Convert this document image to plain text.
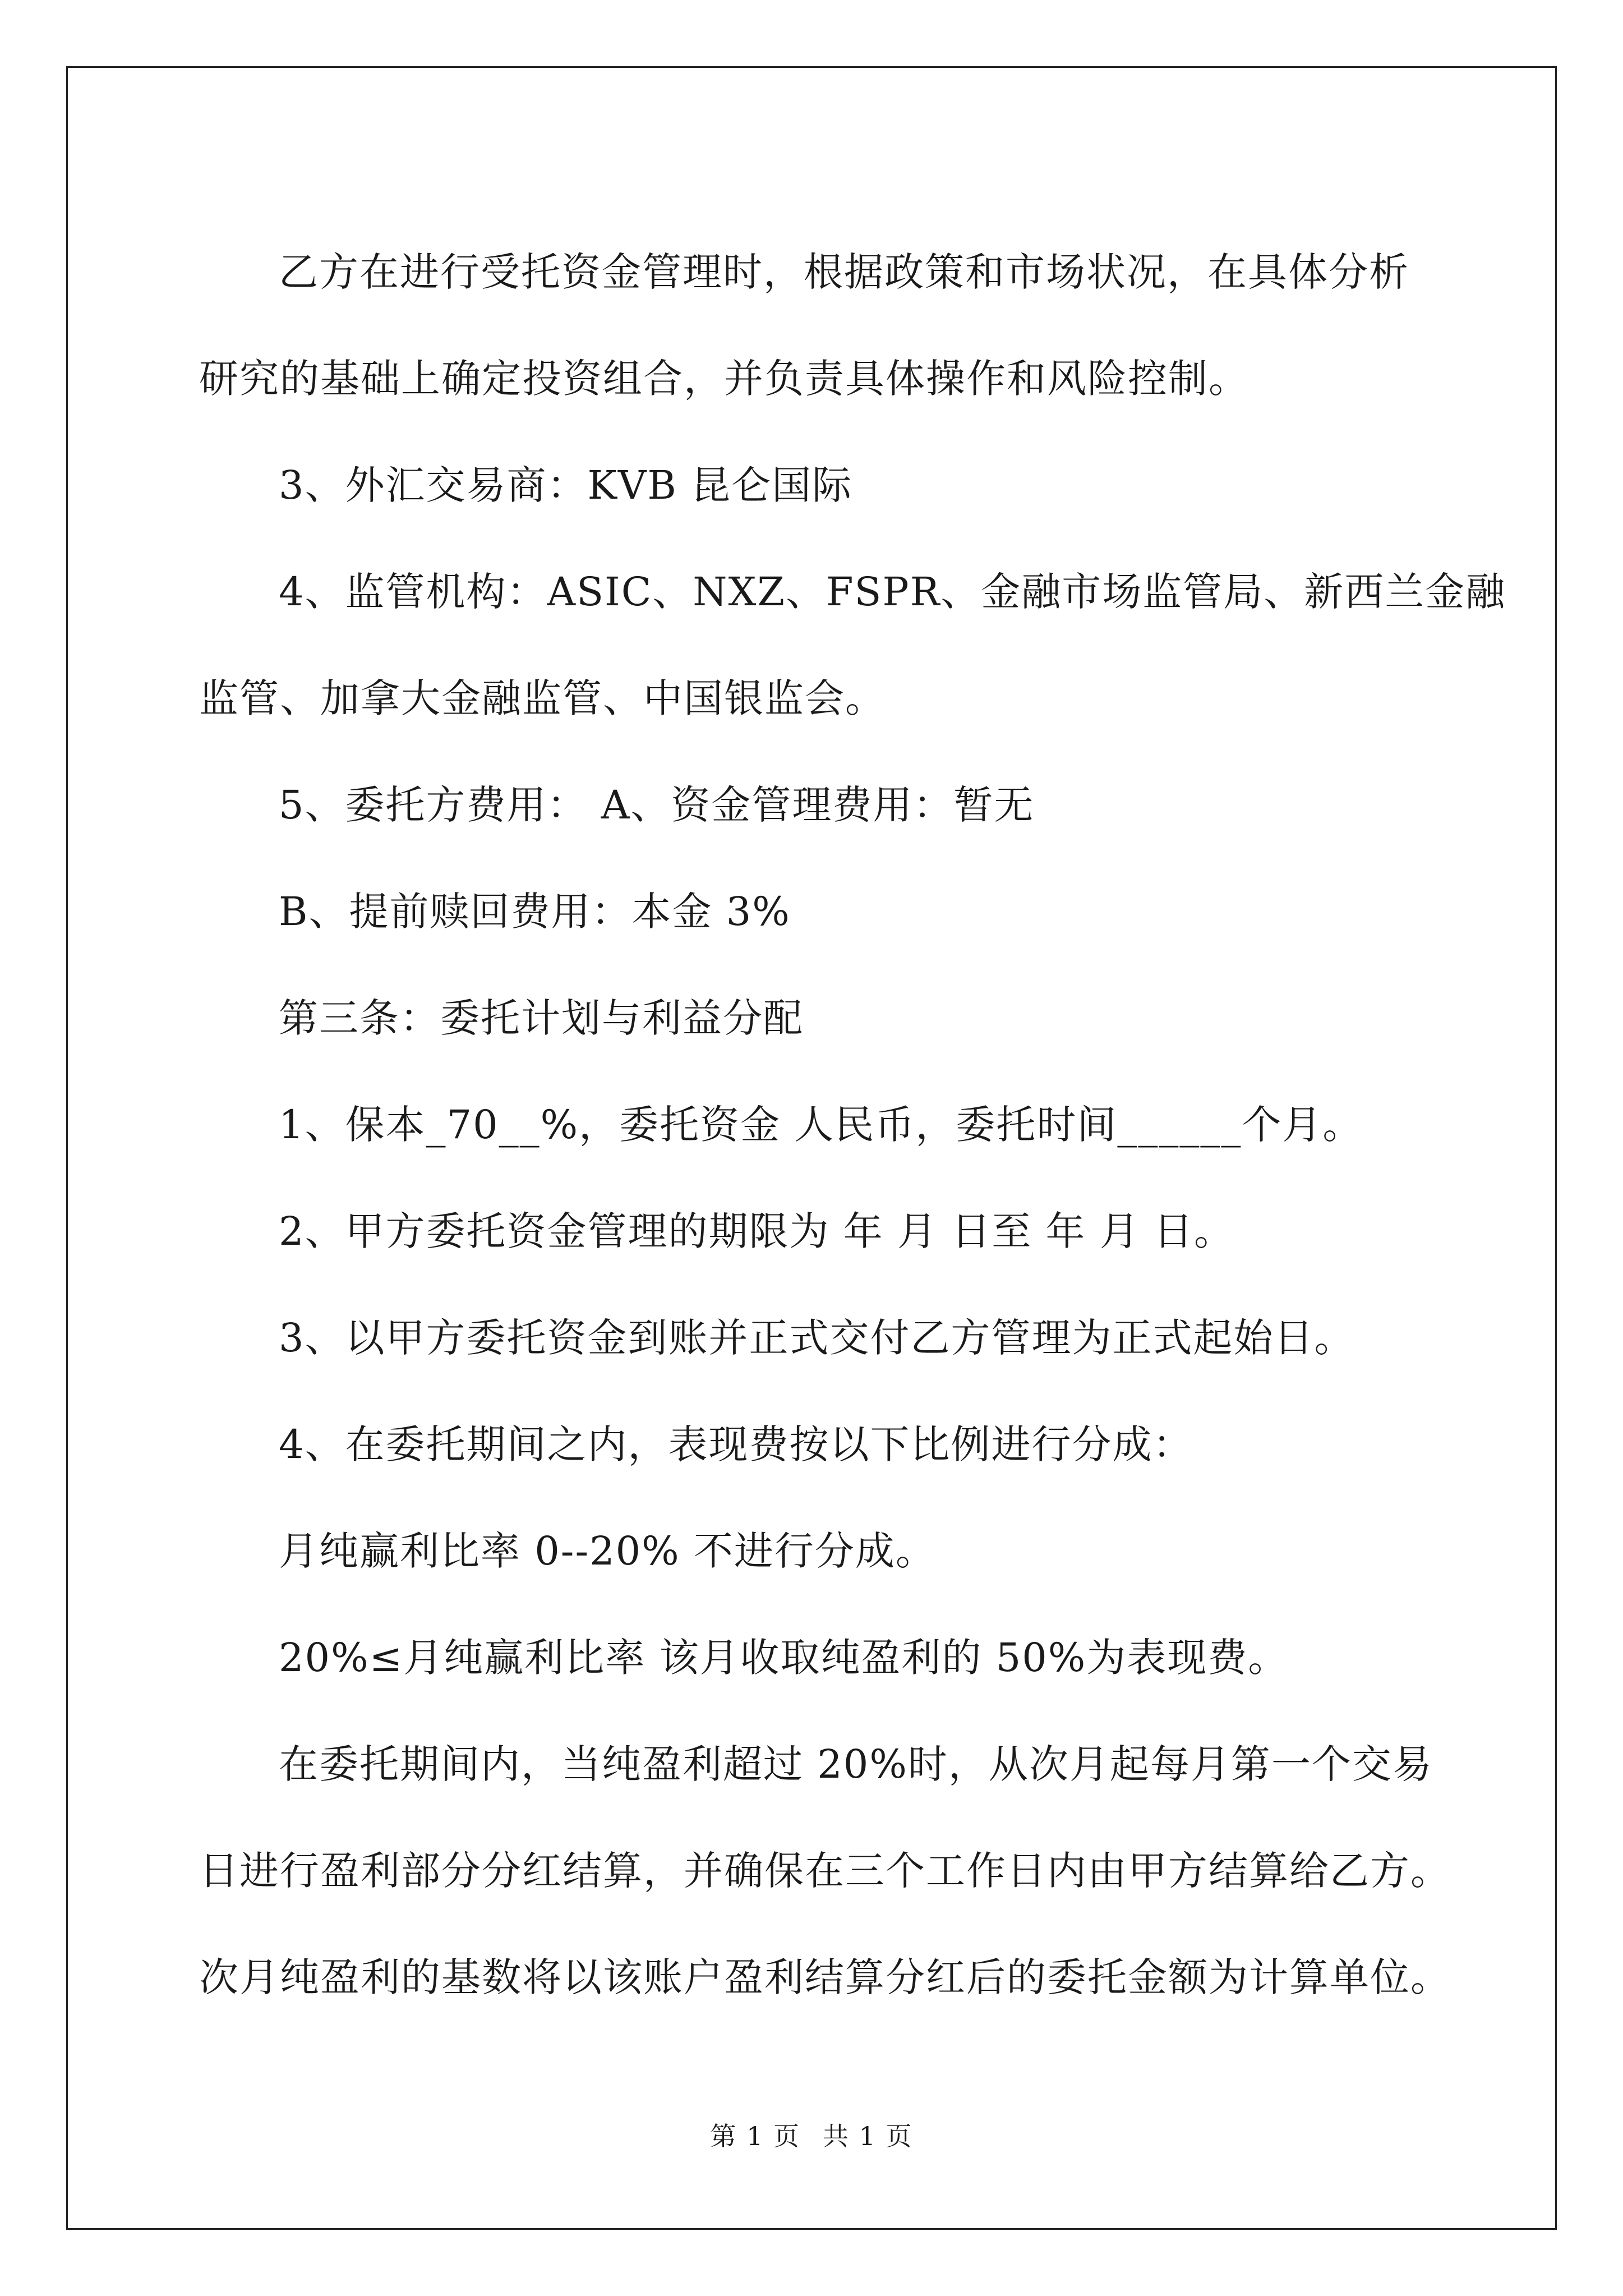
乙方在进行受托资金管理时，根据政策和市场状况，在具体分析

研究的基础上确定投资组合，并负责具体操作和风险控制。

3、外汇交易商：KVB 昆仑国际

4、监管机构：ASIC、NXZ、FSPR、金融市场监管局、新西兰金融

监管、加拿大金融监管、中国银监会。

5、委托方费用： A、资金管理费用：暂无

B、提前赎回费用：本金 3%

第三条：委托计划与利益分配

1、保本_70__%，委托资金 人民币，委托时间______个月。

2、甲方委托资金管理的期限为 年 月 日至 年 月 日。

3、以甲方委托资金到账并正式交付乙方管理为正式起始日。

4、在委托期间之内，表现费按以下比例进行分成：

月纯赢利比率 0--20% 不进行分成。

20%≤月纯赢利比率 该月收取纯盈利的 50%为表现费。

在委托期间内，当纯盈利超过 20%时，从次月起每月第一个交易

日进行盈利部分分红结算，并确保在三个工作日内由甲方结算给乙方。

次月纯盈利的基数将以该账户盈利结算分红后的委托金额为计算单位。

第 1 页 共 1 页
